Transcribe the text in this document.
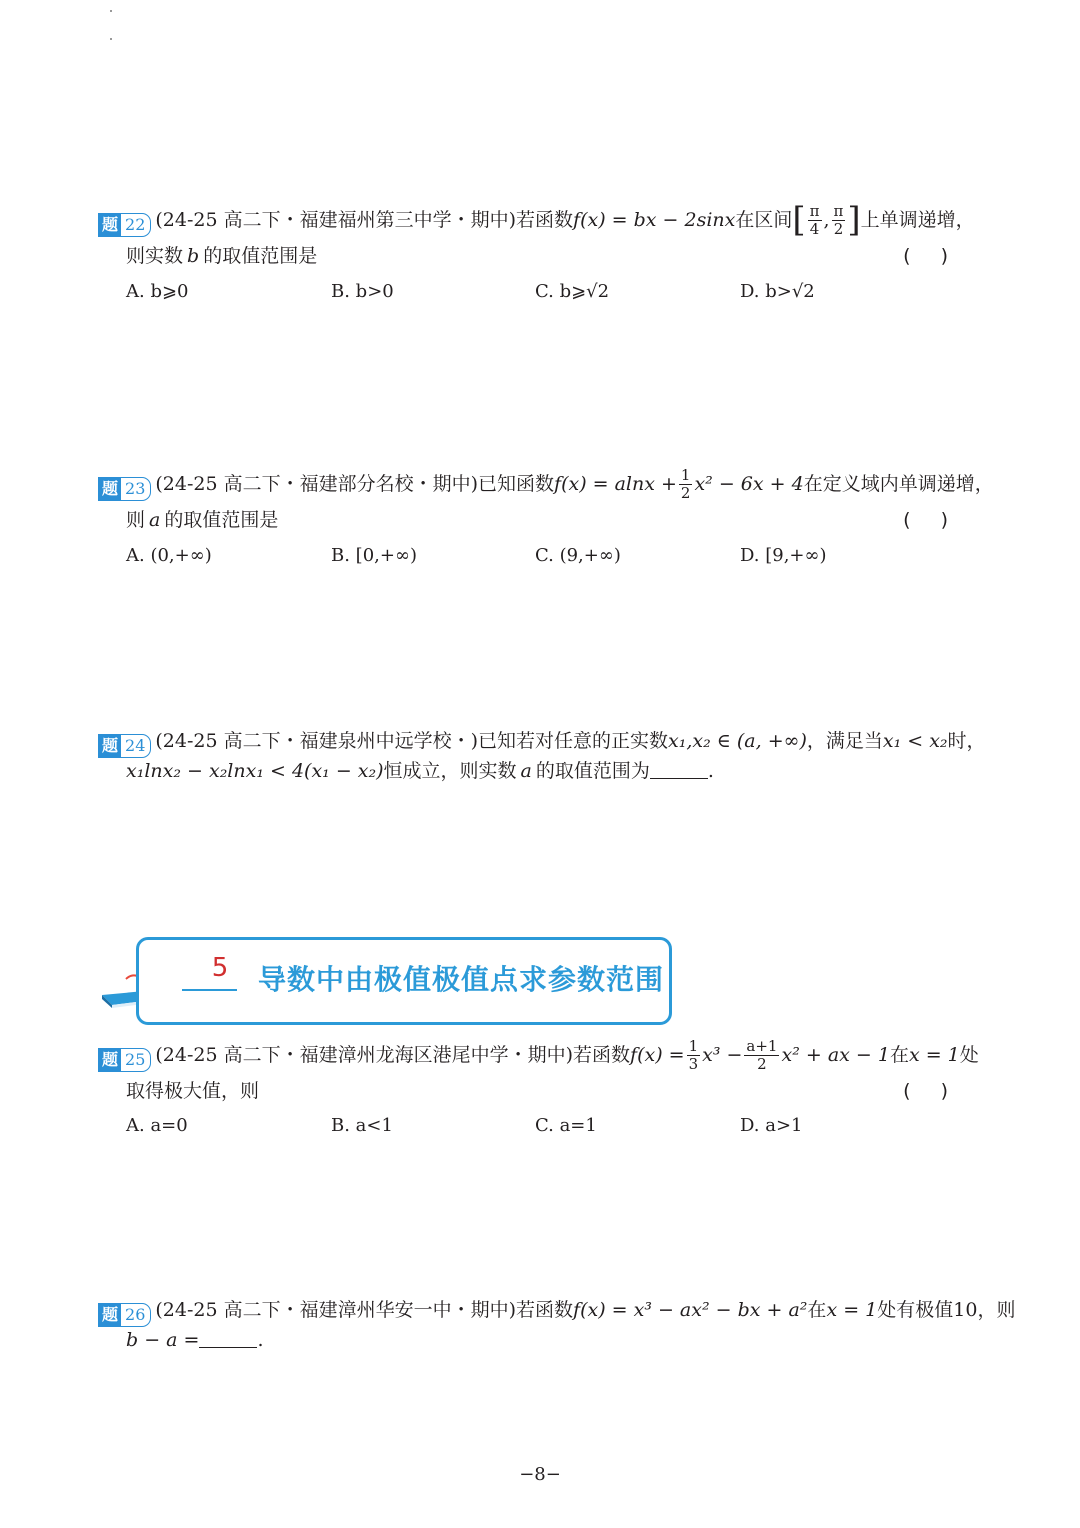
题 22 (24-25 高二下・福建福州第三中学・期中)若函数f(x) = bx − 2sinx在区间[ $\frac{\pi}{4}$ , $\frac{\pi}{2}$ ]上单调递增，
则实数 b 的取值范围是	()
A. b⩾0	B. b>0	C. b⩾√2	D. b>√2
题 23 (24-25 高二下・福建部分名校・期中)已知函数$f(x) = alnx + \frac{1}{2} x^2 - 6x + 4$在定义域内单调递增，
则 a 的取值范围是	()
A. (0,+∞)	B. [0,+∞)	C. (9,+∞)	D. [9,+∞)
题 24 (24-25 高二下・福建泉州中远学校・)已知若对任意的正实数x₁,x₂ ∈ (a, +∞)，满足当x₁ < x₂时，
x₁lnx₂ − x₂lnx₁ < 4(x₁ − x₂)恒成立，则实数 a 的取值范围为	.
5 导数中由极值极值点求参数范围
题 25 (24-25 高二下・福建漳州龙海区港尾中学・期中)若函数$f(x) = \frac{1}{3} x^3 - \frac{a+1}{2} x^2$ + ax − 1在x = 1处
取得极大值，则	()
A. a=0	B. a<1	C. a=1	D. a>1
题 26 (24-25 高二下・福建漳州华安一中・期中)若函数f(x) = x³ − ax² − bx + a²在x = 1处有极值10，则
b − a =	.
−8−
